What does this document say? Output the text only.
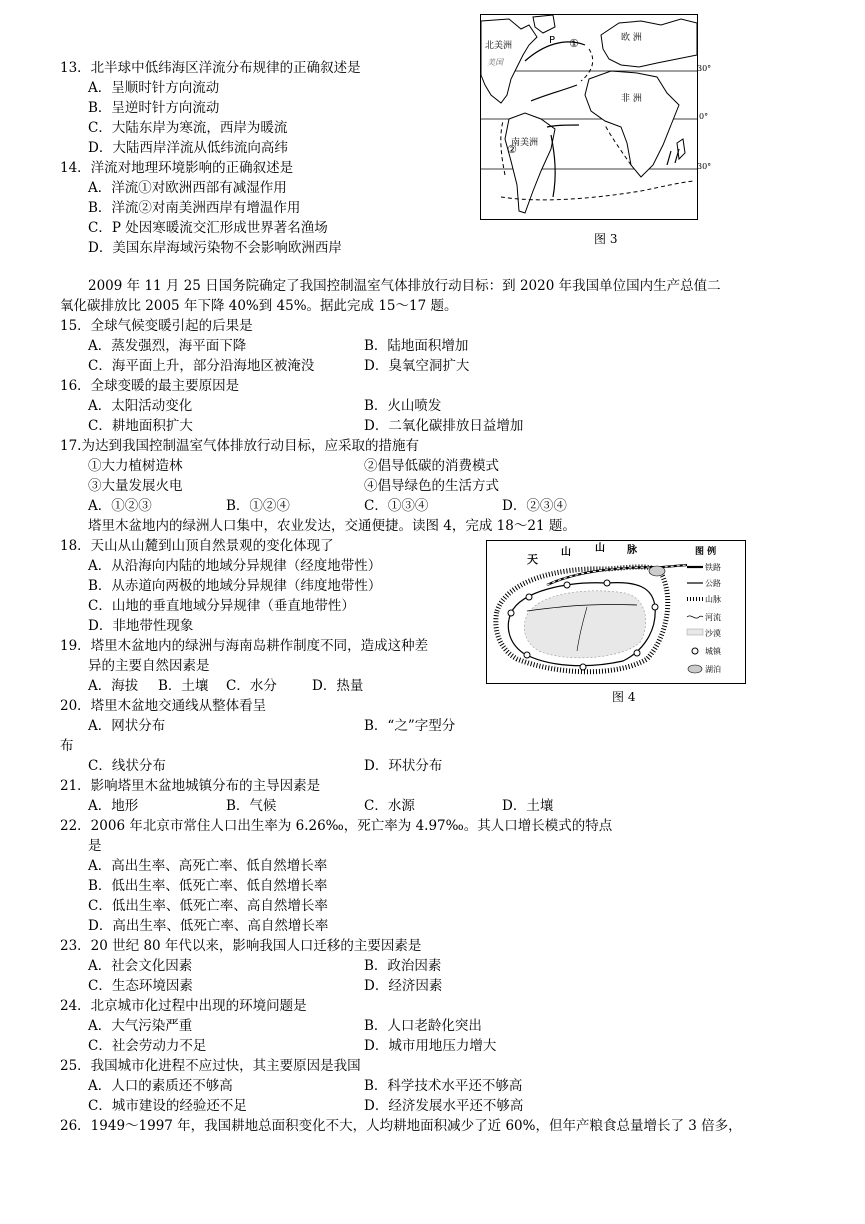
13．北半球中低纬海区洋流分布规律的正确叙述是
A．呈顺时针方向流动
B．呈逆时针方向流动
C．大陆东岸为寒流，西岸为暖流
D．大陆西岸洋流从低纬流向高纬
14．洋流对地理环境影响的正确叙述是
A．洋流①对欧洲西部有减湿作用
B．洋流②对南美洲西岸有增温作用
C．P 处因寒暖流交汇形成世界著名渔场
D．美国东岸海域污染物不会影响欧洲西岸
北美洲
美国
欧 洲
非 洲
南美洲
P ①
②
30°
0°
30°
图 3
2009 年 11 月 25 日国务院确定了我国控制温室气体排放行动目标：到 2020 年我国单位国内生产总值二
氧化碳排放比 2005 年下降 40%到 45%。据此完成 15～17 题。
15．全球气候变暖引起的后果是
A．蒸发强烈，海平面下降	B．陆地面积增加
C．海平面上升，部分沿海地区被淹没	D．臭氧空洞扩大
16．全球变暖的最主要原因是
A．太阳活动变化	B．火山喷发
C．耕地面积扩大	D．二氧化碳排放日益增加
17.为达到我国控制温室气体排放行动目标，应采取的措施有
①大力植树造林	②倡导低碳的消费模式
③大量发展火电	④倡导绿色的生活方式
A．①②③	B．①②④	C．①③④	D．②③④
塔里木盆地内的绿洲人口集中，农业发达，交通便捷。读图 4，完成 18～21 题。
18．天山从山麓到山顶自然景观的变化体现了
A．从沿海向内陆的地域分异规律（经度地带性）
B．从赤道向两极的地域分异规律（纬度地带性）
C．山地的垂直地域分异规律（垂直地带性）
D．非地带性现象
19．塔里木盆地内的绿洲与海南岛耕作制度不同，造成这种差
异的主要自然因素是
A．海拔 B．土壤 C．水分	D．热量
天
山 山 脉	图 例
铁路
公路
山脉
河流
沙漠
城镇
湖泊
图 4
20．塔里木盆地交通线从整体看呈
A．网状分布	B．“之”字型分
布
C．线状分布	D．环状分布
21．影响塔里木盆地城镇分布的主导因素是
A．地形	B．气候	C．水源	D．土壤
22．2006 年北京市常住人口出生率为 6.26‰，死亡率为 4.97‰。其人口增长模式的特点
是
A．高出生率、高死亡率、低自然增长率
B．低出生率、低死亡率、低自然增长率
C．低出生率、低死亡率、高自然增长率
D．高出生率、低死亡率、高自然增长率
23．20 世纪 80 年代以来，影响我国人口迁移的主要因素是
A．社会文化因素	B．政治因素
C．生态环境因素	D．经济因素
24．北京城市化过程中出现的环境问题是
A．大气污染严重	B．人口老龄化突出
C．社会劳动力不足	D．城市用地压力增大
25．我国城市化进程不应过快，其主要原因是我国
A．人口的素质还不够高	B．科学技术水平还不够高
C．城市建设的经验还不足	D．经济发展水平还不够高
26．1949～1997 年，我国耕地总面积变化不大，人均耕地面积减少了近 60%，但年产粮食总量增长了 3 倍多，
